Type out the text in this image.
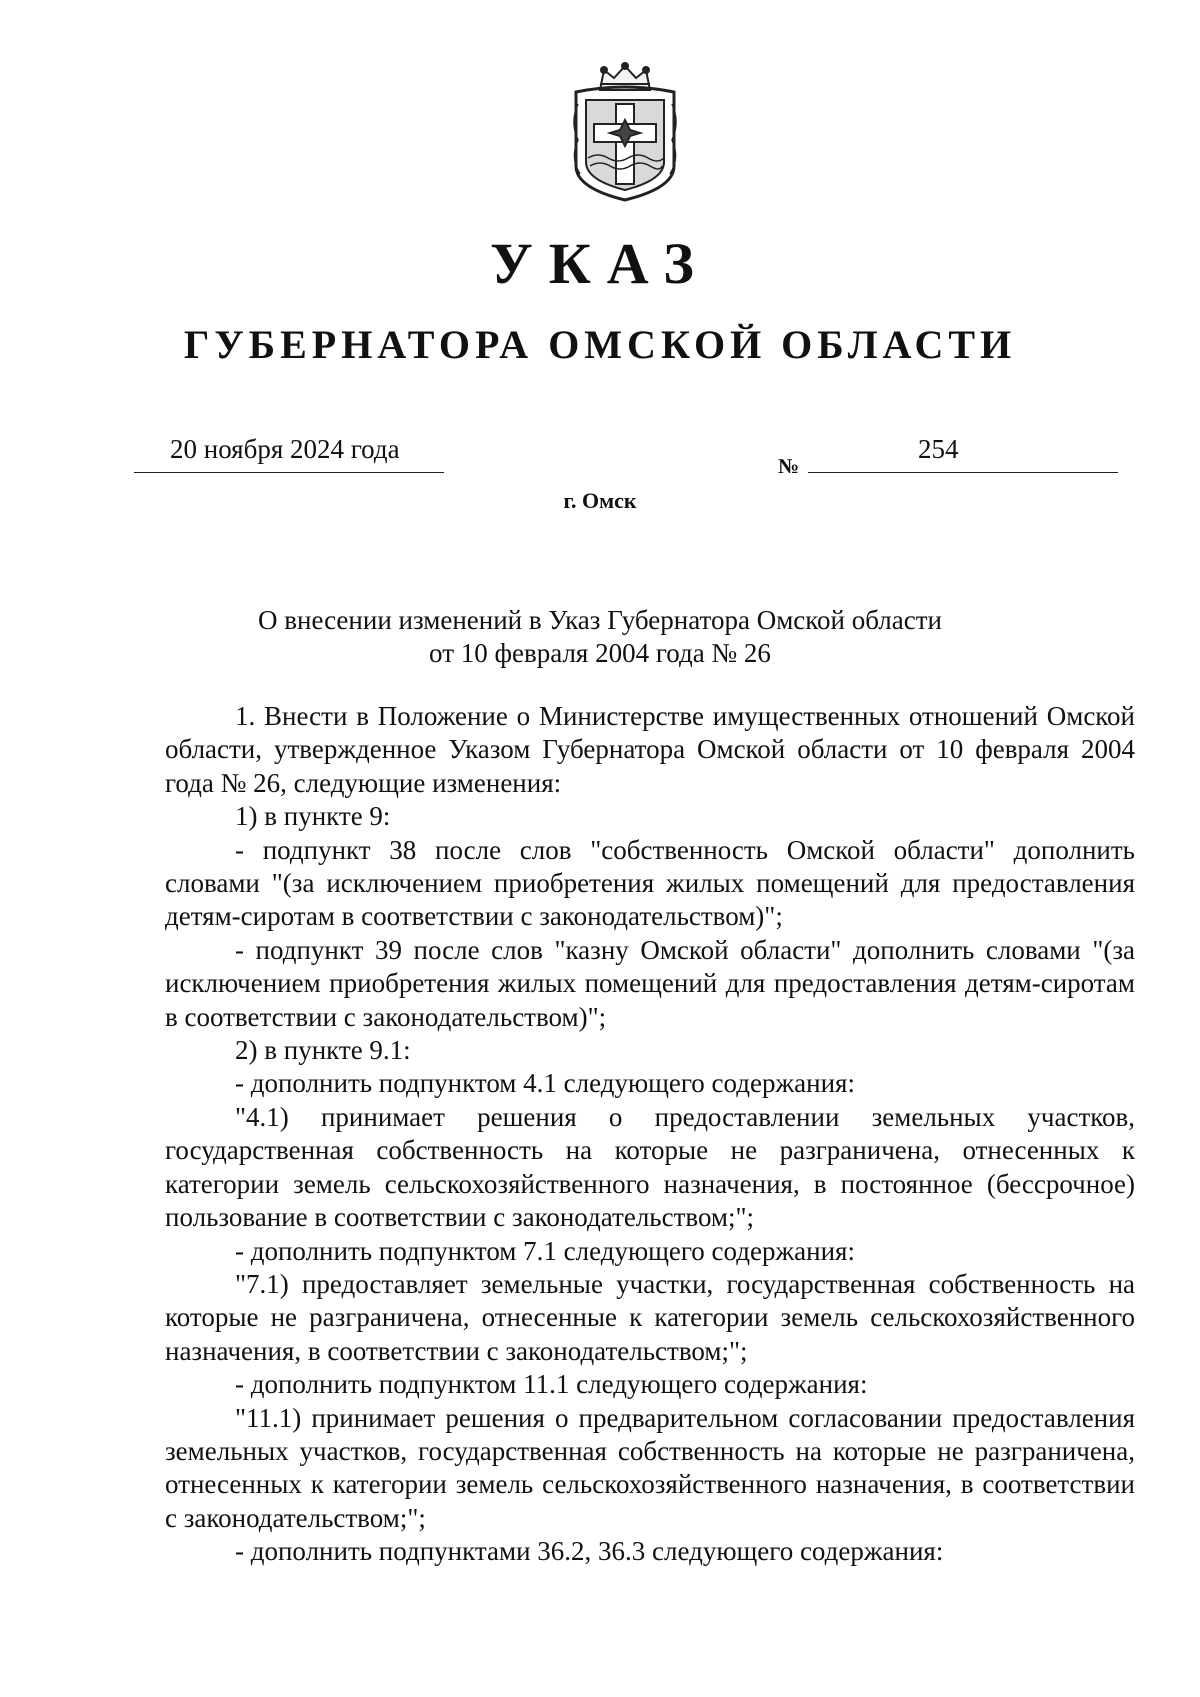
УКАЗ
ГУБЕРНАТОРА ОМСКОЙ ОБЛАСТИ
20 ноября 2024 года
№
254
г. Омск
О внесении изменений в Указ Губернатора Омской области
от 10 февраля 2004 года № 26

1. Внести в Положение о Министерстве имущественных отношений Омской области, утвержденное Указом Губернатора Омской области от 10 февраля 2004 года № 26, следующие изменения:

1) в пункте 9:

- подпункт 38 после слов "собственность Омской области" дополнить словами "(за исключением приобретения жилых помещений для предоставления детям-сиротам в соответствии с законодательством)";

- подпункт 39 после слов "казну Омской области" дополнить словами "(за исключением приобретения жилых помещений для предоставления детям-сиротам в соответствии с законодательством)";

2) в пункте 9.1:

- дополнить подпунктом 4.1 следующего содержания:

"4.1) принимает решения о предоставлении земельных участков, государственная собственность на которые не разграничена, отнесенных к категории земель сельскохозяйственного назначения, в постоянное (бессрочное) пользование в соответствии с законодательством;";

- дополнить подпунктом 7.1 следующего содержания:

"7.1) предоставляет земельные участки, государственная собственность на которые не разграничена, отнесенные к категории земель сельскохозяйственного назначения, в соответствии с законодательством;";

- дополнить подпунктом 11.1 следующего содержания:

"11.1) принимает решения о предварительном согласовании предоставления земельных участков, государственная собственность на которые не разграничена, отнесенных к категории земель сельскохозяйственного назначения, в соответствии с законодательством;";

- дополнить подпунктами 36.2, 36.3 следующего содержания:
